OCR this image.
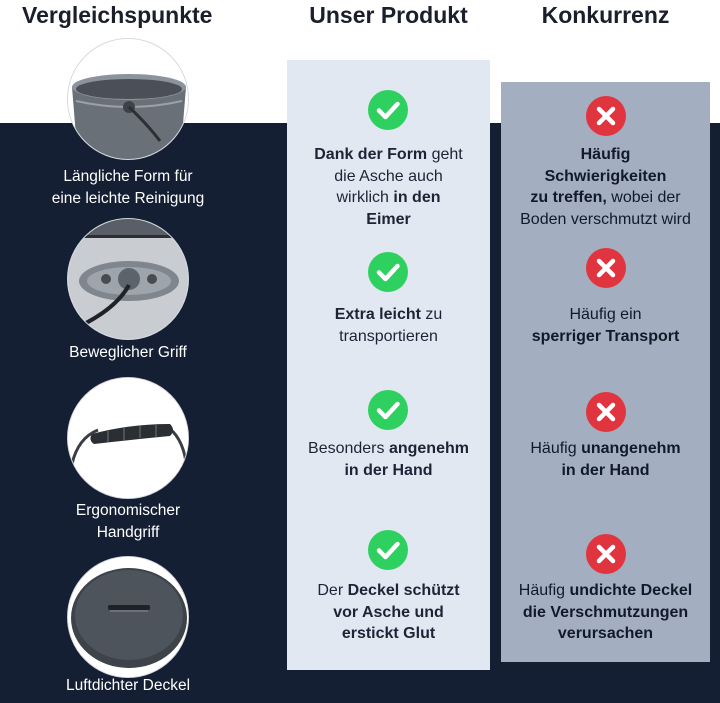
Vergleichspunkte	Unser Produkt	Konkurrenz
Längliche Form für
eine leichte Reinigung
Beweglicher Griff
Ergonomischer
Handgriff
Luftdichter Deckel
Dank der Form geht
die Asche auch
wirklich in den
Eimer
Extra leicht zu
transportieren
Besonders angenehm
in der Hand
Der Deckel schützt
vor Asche und
erstickt Glut
Häufig
Schwierigkeiten
zu treffen, wobei der
Boden verschmutzt wird
Häufig ein
sperriger Transport
Häufig unangenehm
in der Hand
Häufig undichte Deckel
die Verschmutzungen
verursachen
